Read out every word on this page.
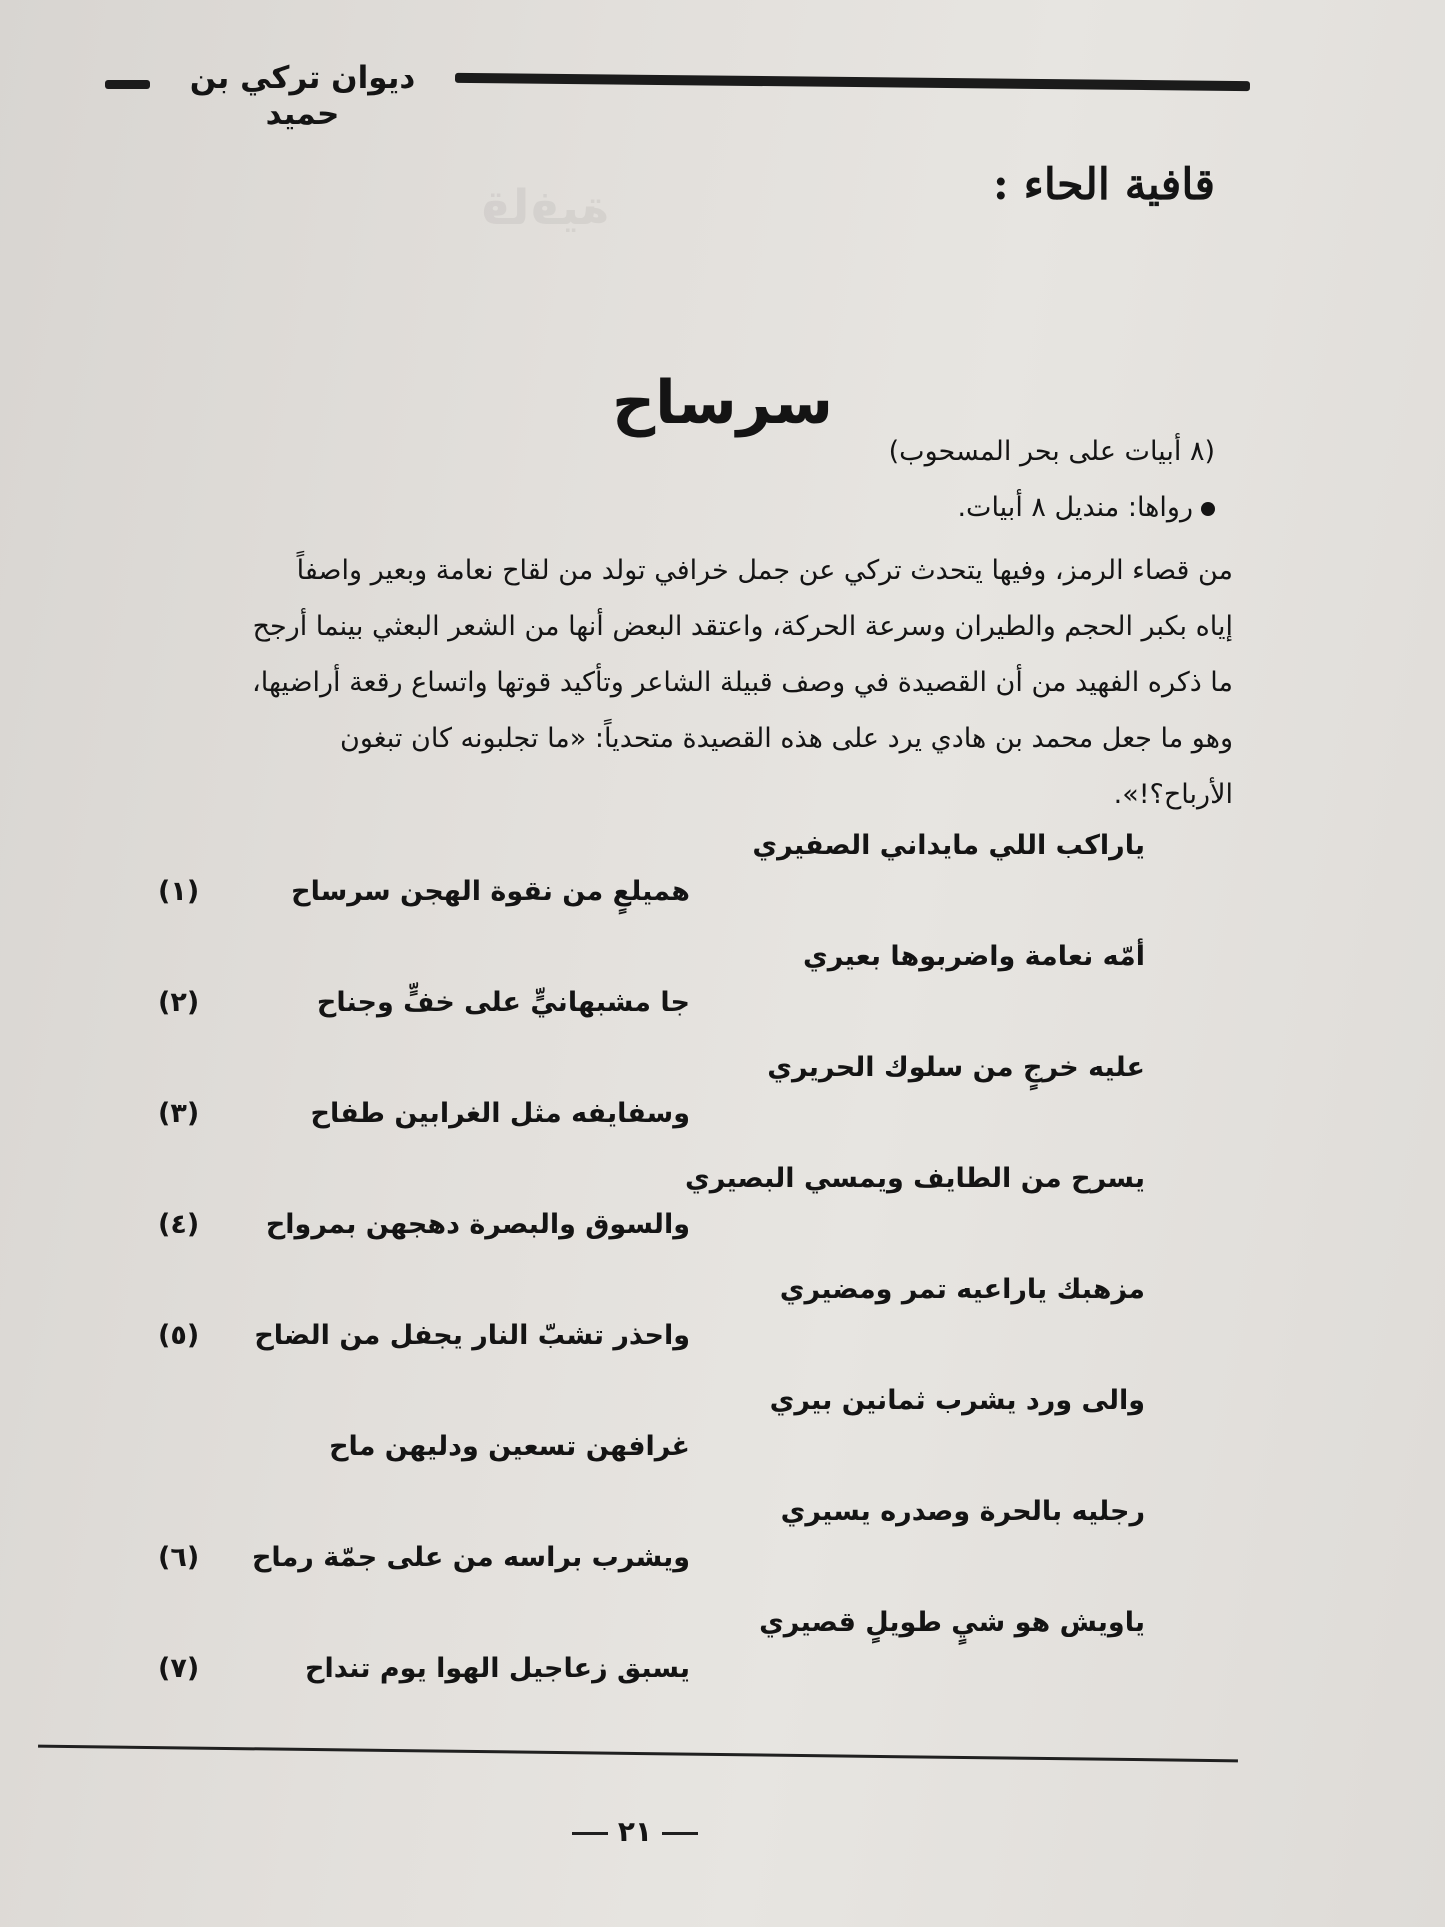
قافية
ديوان تركي بن حميد
قافية الحاء :
سرساح
(٨ أبيات على بحر المسحوب)
رواها: منديل ٨ أبيات.

من قصاء الرمز، وفيها يتحدث تركي عن جمل خرافي تولد من لقاح نعامة وبعير واصفاً

إياه بكبر الحجم والطيران وسرعة الحركة، واعتقد البعض أنها من الشعر البعثي بينما أرجح

ما ذكره الفهيد من أن القصيدة في وصف قبيلة الشاعر وتأكيد قوتها واتساع رقعة أراضيها،

وهو ما جعل محمد بن هادي يرد على هذه القصيدة متحدياً: «ما تجلبونه كان تبغون

الأرباح؟!».

ياراكب اللي مايداني الصفيري
هميلعٍ من نقوة الهجن سرساح
(١)
أمّه نعامة واضربوها بعيري
جا مشبهانيٍّ على خفٍّ وجناح
(٢)
عليه خرجٍ من سلوك الحريري
وسفايفه مثل الغرابين طفاح
(٣)
يسرح من الطايف ويمسي البصيري
والسوق والبصرة دهجهن بمرواح
(٤)
مزهبك ياراعيه تمر ومضيري
واحذر تشبّ النار يجفل من الضاح
(٥)
والى ورد يشرب ثمانين بيري
غرافهن تسعين ودليهن ماح
رجليه بالحرة وصدره يسيري
ويشرب براسه من على جمّة رماح
(٦)
ياويش هو شيٍ طويلٍ قصيري
يسبق زعاجيل الهوا يوم تنداح
(٧)
٢١
